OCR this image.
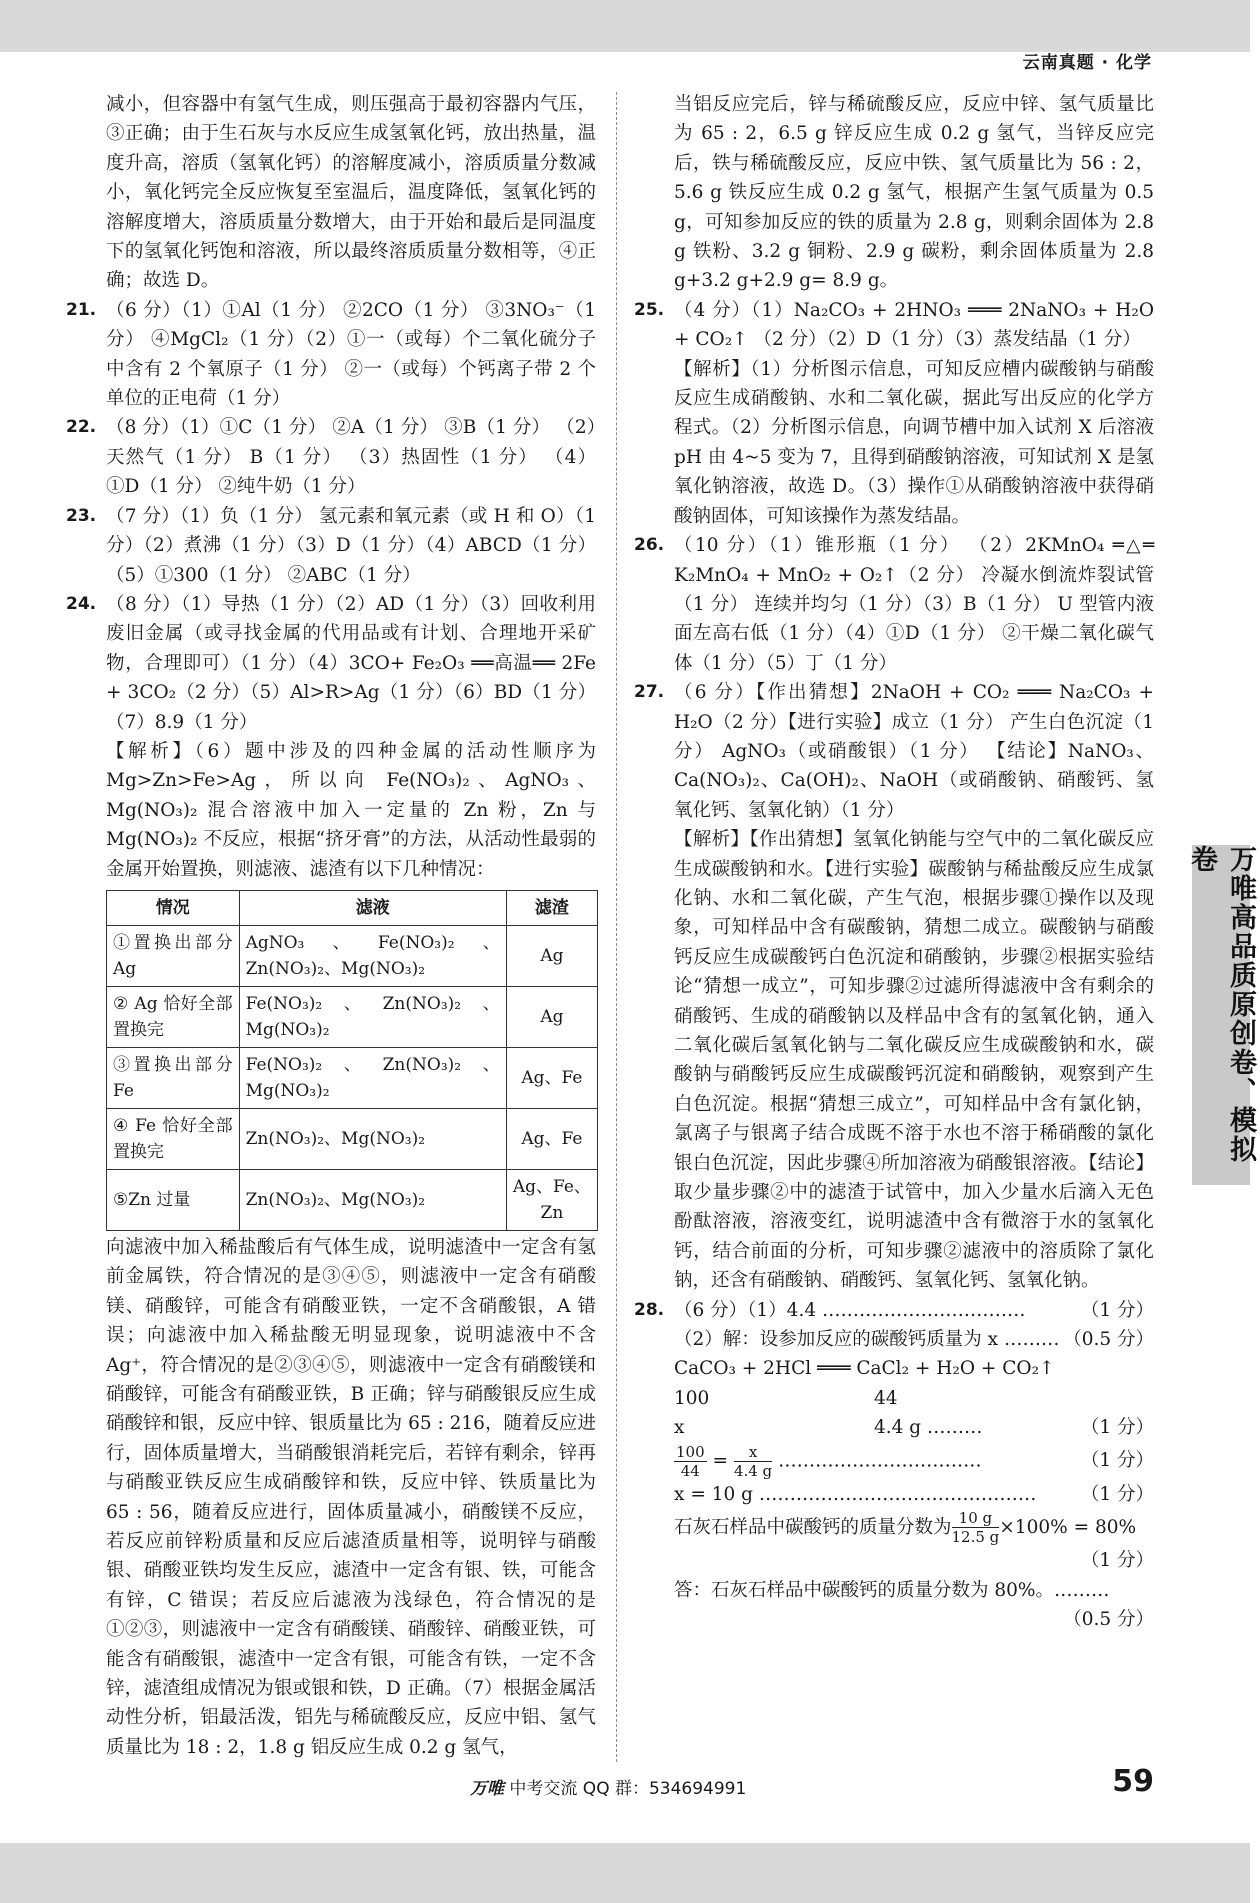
云南真题 · 化学

减小，但容器中有氢气生成，则压强高于最初容器内气压，③正确；由于生石灰与水反应生成氢氧化钙，放出热量，温度升高，溶质（氢氧化钙）的溶解度减小，溶质质量分数减小，氧化钙完全反应恢复至室温后，温度降低，氢氧化钙的溶解度增大，溶质质量分数增大，由于开始和最后是同温度下的氢氧化钙饱和溶液，所以最终溶质质量分数相等，④正确；故选 D。

21. （6 分）（1）①Al（1 分） ②2CO（1 分） ③3NO₃⁻（1 分） ④MgCl₂（1 分）（2）①一（或每）个二氧化硫分子中含有 2 个氧原子（1 分） ②一（或每）个钙离子带 2 个单位的正电荷（1 分）
22. （8 分）（1）①C（1 分） ②A（1 分） ③B（1 分） （2）天然气（1 分） B（1 分） （3）热固性（1 分） （4）①D（1 分） ②纯牛奶（1 分）
23. （7 分）（1）负（1 分） 氢元素和氧元素（或 H 和 O）（1 分）（2）煮沸（1 分）（3）D（1 分）（4）ABCD（1 分）（5）①300（1 分） ②ABC（1 分）
24. （8 分）（1）导热（1 分）（2）AD（1 分）（3）回收利用废旧金属（或寻找金属的代用品或有计划、合理地开采矿物，合理即可）（1 分）（4）3CO+ Fe₂O₃ ══高温══ 2Fe + 3CO₂（2 分）（5）Al>R>Ag（1 分）（6）BD（1 分）（7）8.9（1 分）

【解析】（6）题中涉及的四种金属的活动性顺序为 Mg>Zn>Fe>Ag，所以向 Fe(NO₃)₂、AgNO₃、Mg(NO₃)₂ 混合溶液中加入一定量的 Zn 粉，Zn 与 Mg(NO₃)₂ 不反应，根据“挤牙膏”的方法，从活动性最弱的金属开始置换，则滤液、滤渣有以下几种情况：

情况	滤液	滤渣
①置换出部分 Ag	AgNO₃、Fe(NO₃)₂、Zn(NO₃)₂、Mg(NO₃)₂	Ag
② Ag 恰好全部置换完	Fe(NO₃)₂、Zn(NO₃)₂、Mg(NO₃)₂	Ag
③置换出部分 Fe	Fe(NO₃)₂、Zn(NO₃)₂、Mg(NO₃)₂	Ag、Fe
④ Fe 恰好全部置换完	Zn(NO₃)₂、Mg(NO₃)₂	Ag、Fe
⑤Zn 过量	Zn(NO₃)₂、Mg(NO₃)₂	Ag、Fe、Zn

向滤液中加入稀盐酸后有气体生成，说明滤渣中一定含有氢前金属铁，符合情况的是③④⑤，则滤液中一定含有硝酸镁、硝酸锌，可能含有硝酸亚铁，一定不含硝酸银，A 错误；向滤液中加入稀盐酸无明显现象，说明滤液中不含 Ag⁺，符合情况的是②③④⑤，则滤液中一定含有硝酸镁和硝酸锌，可能含有硝酸亚铁，B 正确；锌与硝酸银反应生成硝酸锌和银，反应中锌、银质量比为 65 : 216，随着反应进行，固体质量增大，当硝酸银消耗完后，若锌有剩余，锌再与硝酸亚铁反应生成硝酸锌和铁，反应中锌、铁质量比为 65 : 56，随着反应进行，固体质量减小，硝酸镁不反应，若反应前锌粉质量和反应后滤渣质量相等，说明锌与硝酸银、硝酸亚铁均发生反应，滤渣中一定含有银、铁，可能含有锌，C 错误；若反应后滤液为浅绿色，符合情况的是①②③，则滤液中一定含有硝酸镁、硝酸锌、硝酸亚铁，可能含有硝酸银，滤渣中一定含有银，可能含有铁，一定不含锌，滤渣组成情况为银或银和铁，D 正确。（7）根据金属活动性分析，铝最活泼，铝先与稀硫酸反应，反应中铝、氢气质量比为 18 : 2，1.8 g 铝反应生成 0.2 g 氢气，

当铝反应完后，锌与稀硫酸反应，反应中锌、氢气质量比为 65 : 2，6.5 g 锌反应生成 0.2 g 氢气，当锌反应完后，铁与稀硫酸反应，反应中铁、氢气质量比为 56 : 2，5.6 g 铁反应生成 0.2 g 氢气，根据产生氢气质量为 0.5 g，可知参加反应的铁的质量为 2.8 g，则剩余固体为 2.8 g 铁粉、3.2 g 铜粉、2.9 g 碳粉，剩余固体质量为 2.8 g+3.2 g+2.9 g= 8.9 g。

25. （4 分）（1）Na₂CO₃ + 2HNO₃ ═══ 2NaNO₃ + H₂O + CO₂↑ （2 分）（2）D（1 分）（3）蒸发结晶（1 分）

【解析】（1）分析图示信息，可知反应槽内碳酸钠与硝酸反应生成硝酸钠、水和二氧化碳，据此写出反应的化学方程式。（2）分析图示信息，向调节槽中加入试剂 X 后溶液 pH 由 4~5 变为 7，且得到硝酸钠溶液，可知试剂 X 是氢氧化钠溶液，故选 D。（3）操作①从硝酸钠溶液中获得硝酸钠固体，可知该操作为蒸发结晶。

26. （10 分）（1）锥形瓶（1 分） （2）2KMnO₄ ═△═ K₂MnO₄ + MnO₂ + O₂↑（2 分） 冷凝水倒流炸裂试管（1 分） 连续并均匀（1 分）（3）B（1 分） U 型管内液面左高右低（1 分）（4）①D（1 分） ②干燥二氧化碳气体（1 分）（5）丁（1 分）
27. （6 分）【作出猜想】2NaOH + CO₂ ═══ Na₂CO₃ + H₂O（2 分）【进行实验】成立（1 分） 产生白色沉淀（1 分） AgNO₃（或硝酸银）（1 分） 【结论】NaNO₃、Ca(NO₃)₂、Ca(OH)₂、NaOH（或硝酸钠、硝酸钙、氢氧化钙、氢氧化钠）（1 分）

【解析】【作出猜想】氢氧化钠能与空气中的二氧化碳反应生成碳酸钠和水。【进行实验】碳酸钠与稀盐酸反应生成氯化钠、水和二氧化碳，产生气泡，根据步骤①操作以及现象，可知样品中含有碳酸钠，猜想二成立。碳酸钠与硝酸钙反应生成碳酸钙白色沉淀和硝酸钠，步骤②根据实验结论“猜想一成立”，可知步骤②过滤所得滤液中含有剩余的硝酸钙、生成的硝酸钠以及样品中含有的氢氧化钠，通入二氧化碳后氢氧化钠与二氧化碳反应生成碳酸钠和水，碳酸钠与硝酸钙反应生成碳酸钙沉淀和硝酸钠，观察到产生白色沉淀。根据“猜想三成立”，可知样品中含有氯化钠，氯离子与银离子结合成既不溶于水也不溶于稀硝酸的氯化银白色沉淀，因此步骤④所加溶液为硝酸银溶液。【结论】取少量步骤②中的滤渣于试管中，加入少量水后滴入无色酚酞溶液，溶液变红，说明滤渣中含有微溶于水的氢氧化钙，结合前面的分析，可知步骤②滤液中的溶质除了氯化钠，还含有硝酸钠、硝酸钙、氢氧化钙、氢氧化钠。

28. （6 分）（1）4.4 ……………………………	（1 分）
（2）解：设参加反应的碳酸钙质量为 x ……… （0.5 分）
CaCO₃ + 2HCl ═══ CaCl₂ + H₂O + CO₂↑
100	44
x	4.4 g ………	（1 分）
$\frac{100}{44} = \frac{x}{4.4 g}$ ……………………………	（1 分）
x = 10 g ……………………………………… （1 分）
石灰石样品中碳酸钙的质量分数为 $\frac{10 g}{12.5 g} \times 100\% = 80\%$
（1 分）
答：石灰石样品中碳酸钙的质量分数为 80%。………
（0.5 分）
万唯高品质原创卷、模拟卷
万唯 中考交流 QQ 群：534694991	59
